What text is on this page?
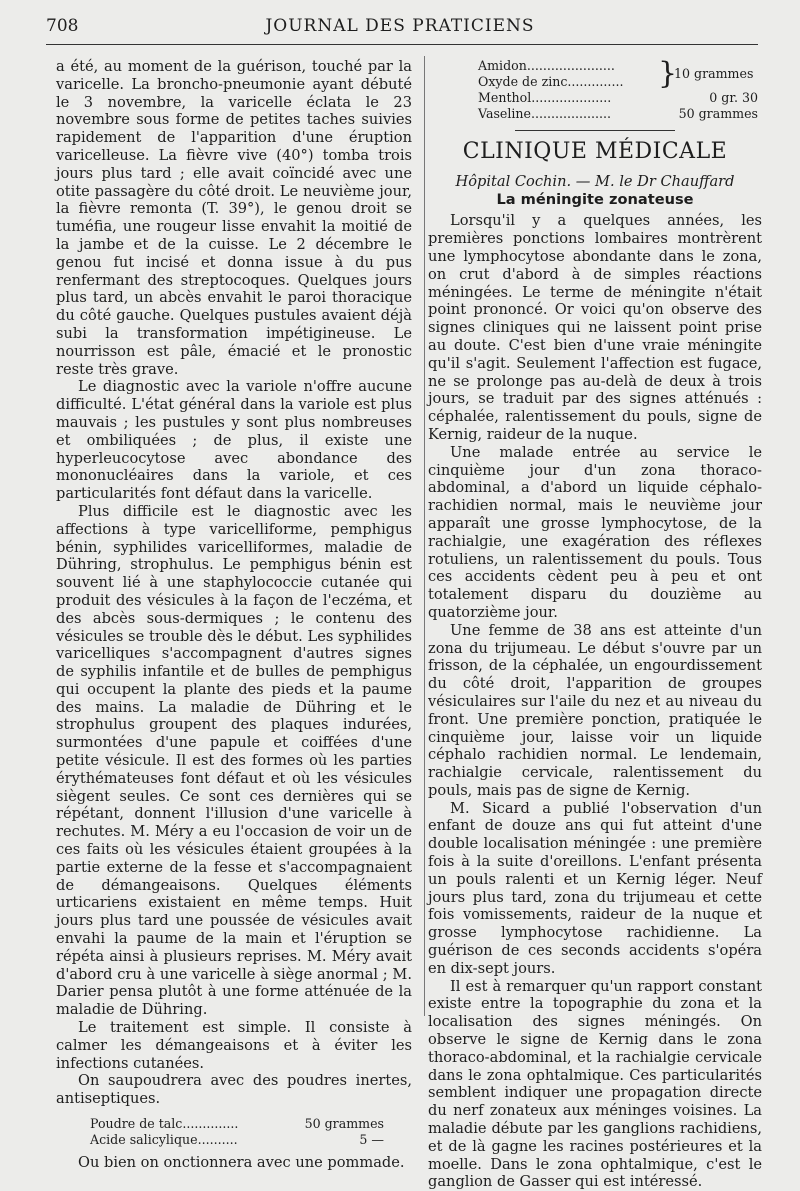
708	JOURNAL DES PRATICIENS

a été, au moment de la guérison, touché par la varicelle. La broncho-pneumonie ayant débuté le 3 novembre, la varicelle éclata le 23 novembre sous forme de petites taches suivies rapidement de l'apparition d'une éruption varicelleuse. La fièvre vive (40°) tomba trois jours plus tard ; elle avait coïncidé avec une otite passagère du côté droit. Le neuvième jour, la fièvre remonta (T. 39°), le genou droit se tuméfia, une rougeur lisse envahit la moitié de la jambe et de la cuisse. Le 2 décembre le genou fut incisé et donna issue à du pus renfermant des streptocoques. Quelques jours plus tard, un abcès envahit le paroi thoracique du côté gauche. Quelques pustules avaient déjà subi la transformation impétigineuse. Le nourrisson est pâle, émacié et le pronostic reste très grave.

Le diagnostic avec la variole n'offre aucune difficulté. L'état général dans la variole est plus mauvais ; les pustules y sont plus nombreuses et ombiliquées ; de plus, il existe une hyperleucocytose avec abondance des mononucléaires dans la variole, et ces particularités font défaut dans la varicelle.

Plus difficile est le diagnostic avec les affections à type varicelliforme, pemphigus bénin, syphilides varicelliformes, maladie de Dühring, strophulus. Le pemphigus bénin est souvent lié à une staphylococcie cutanée qui produit des vésicules à la façon de l'eczéma, et des abcès sous-dermiques ; le contenu des vésicules se trouble dès le début. Les syphilides varicelliques s'accompagnent d'autres signes de syphilis infantile et de bulles de pemphigus qui occupent la plante des pieds et la paume des mains. La maladie de Dühring et le strophulus groupent des plaques indurées, surmontées d'une papule et coiffées d'une petite vésicule. Il est des formes où les parties érythémateuses font défaut et où les vésicules siègent seules. Ce sont ces dernières qui se répétant, donnent l'illusion d'une varicelle à rechutes. M. Méry a eu l'occasion de voir un de ces faits où les vésicules étaient groupées à la partie externe de la fesse et s'accompagnaient de démangeaisons. Quelques éléments urticariens existaient en même temps. Huit jours plus tard une poussée de vésicules avait envahi la paume de la main et l'éruption se répéta ainsi à plusieurs reprises. M. Méry avait d'abord cru à une varicelle à siège anormal ; M. Darier pensa plutôt à une forme atténuée de la maladie de Dühring.

Le traitement est simple. Il consiste à calmer les démangeaisons et à éviter les infections cutanées.

On saupoudrera avec des poudres inertes, antiseptiques.

Poudre de talc..............	50 grammes
Acide salicylique..........	5 —

Ou bien on onctionnera avec une pommade.

Amidon......................
Oxyde de zinc..............	}
10 grammes
Menthol....................	0 gr. 30
Vaseline....................	50 grammes
CLINIQUE MÉDICALE
Hôpital Cochin. — M. le Dr Chauffard
La méningite zonateuse

Lorsqu'il y a quelques années, les premières ponctions lombaires montrèrent une lymphocytose abondante dans le zona, on crut d'abord à de simples réactions méningées. Le terme de méningite n'était point prononcé. Or voici qu'on observe des signes cliniques qui ne laissent point prise au doute. C'est bien d'une vraie méningite qu'il s'agit. Seulement l'affection est fugace, ne se prolonge pas au-delà de deux à trois jours, se traduit par des signes atténués : céphalée, ralentissement du pouls, signe de Kernig, raideur de la nuque.

Une malade entrée au service le cinquième jour d'un zona thoraco-abdominal, a d'abord un liquide céphalo-rachidien normal, mais le neuvième jour apparaît une grosse lymphocytose, de la rachialgie, une exagération des réflexes rotuliens, un ralentissement du pouls. Tous ces accidents cèdent peu à peu et ont totalement disparu du douzième au quatorzième jour.

Une femme de 38 ans est atteinte d'un zona du trijumeau. Le début s'ouvre par un frisson, de la céphalée, un engourdissement du côté droit, l'apparition de groupes vésiculaires sur l'aile du nez et au niveau du front. Une première ponction, pratiquée le cinquième jour, laisse voir un liquide céphalo rachidien normal. Le lendemain, rachialgie cervicale, ralentissement du pouls, mais pas de signe de Kernig.

M. Sicard a publié l'observation d'un enfant de douze ans qui fut atteint d'une double localisation méningée : une première fois à la suite d'oreillons. L'enfant présenta un pouls ralenti et un Kernig léger. Neuf jours plus tard, zona du trijumeau et cette fois vomissements, raideur de la nuque et grosse lymphocytose rachidienne. La guérison de ces seconds accidents s'opéra en dix-sept jours.

Il est à remarquer qu'un rapport constant existe entre la topographie du zona et la localisation des signes méningés. On observe le signe de Kernig dans le zona thoraco-abdominal, et la rachialgie cervicale dans le zona ophtalmique. Ces particularités semblent indiquer une propagation directe du nerf zonateux aux méninges voisines. La maladie débute par les ganglions rachidiens, et de là gagne les racines postérieures et la moelle. Dans le zona ophtalmique, c'est le ganglion de Gasser qui est intéressé.
